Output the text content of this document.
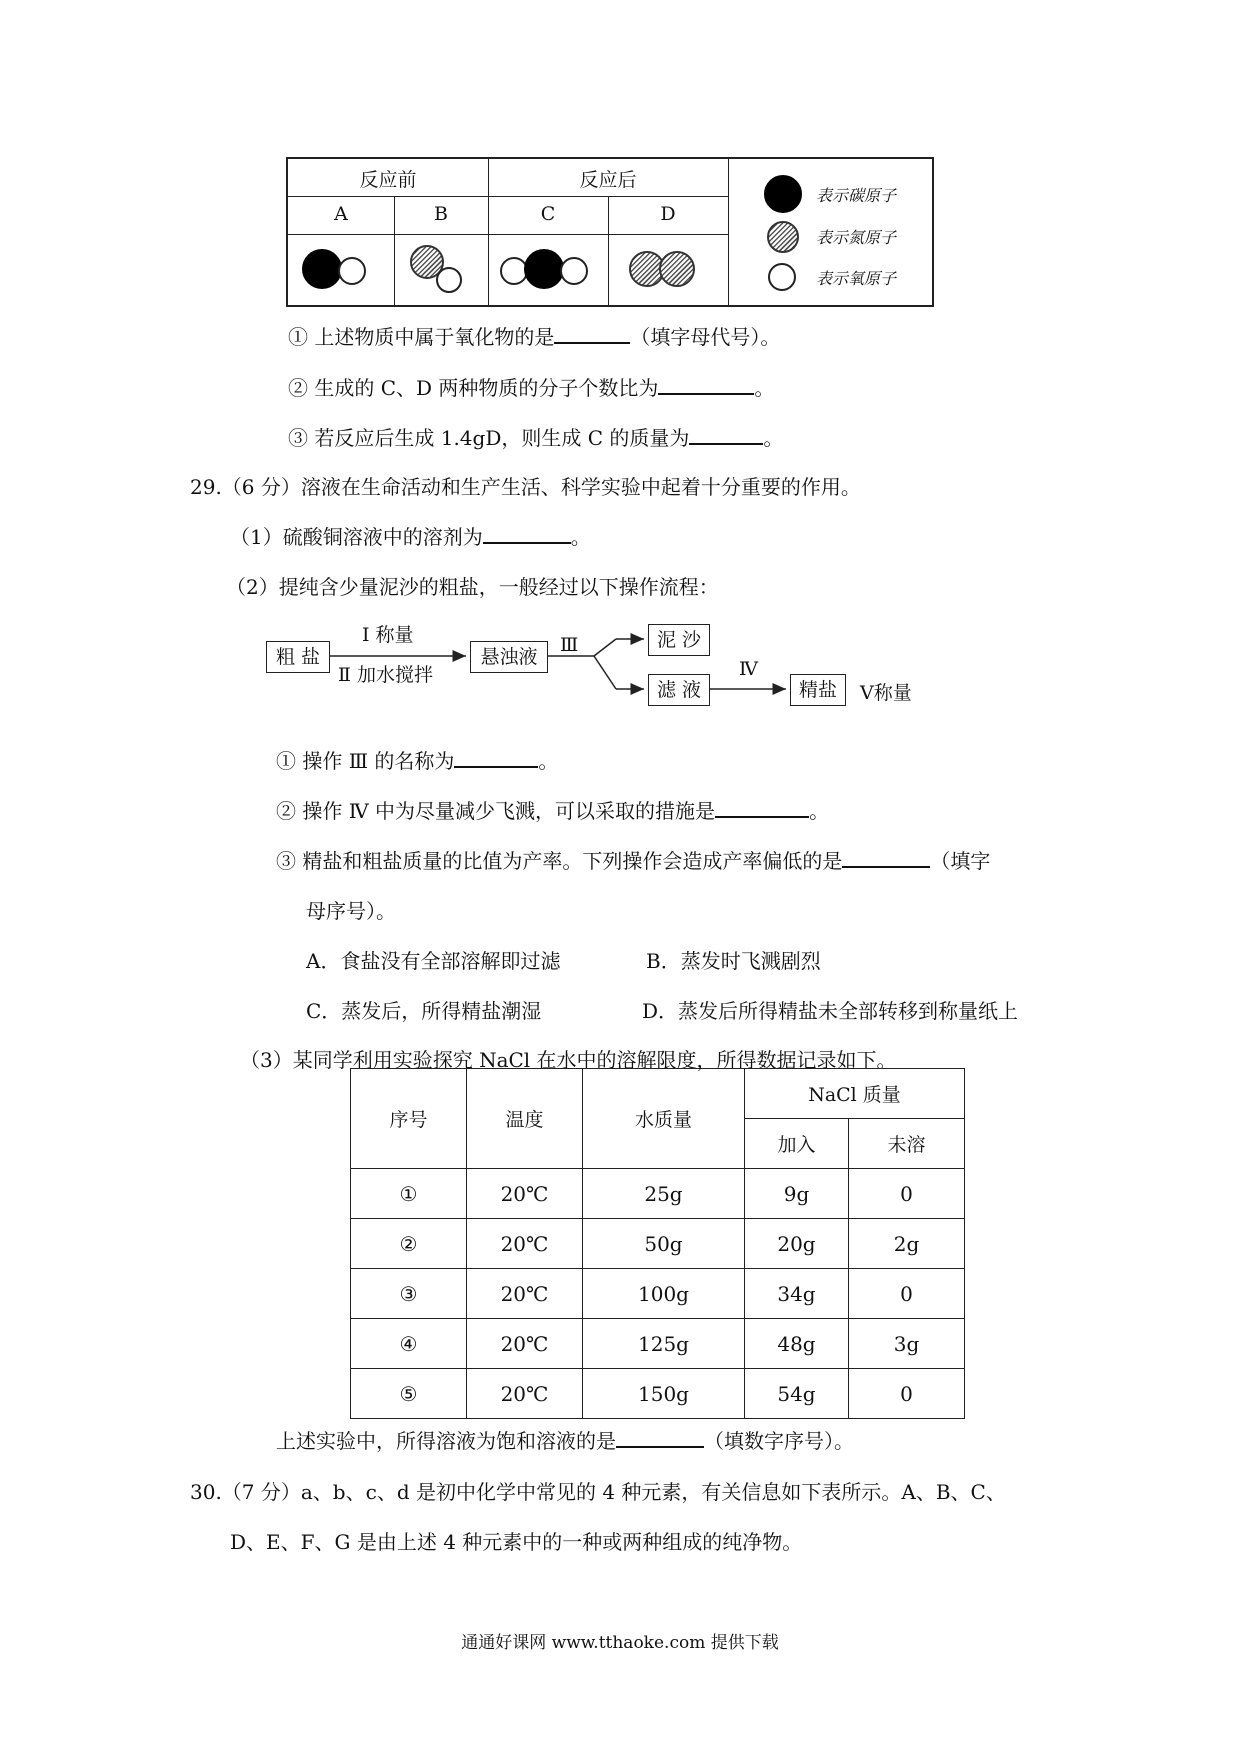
反应前	反应后
A	B	C	D
表示碳原子
表示氮原子
表示氧原子
① 上述物质中属于氧化物的是	（填字母代号）。
② 生成的 C、D 两种物质的分子个数比为	。
③ 若反应后生成 1.4gD，则生成 C 的质量为	。
29.（6 分）溶液在生命活动和生产生活、科学实验中起着十分重要的作用。
（1）硫酸铜溶液中的溶剂为	。
（2）提纯含少量泥沙的粗盐，一般经过以下操作流程：
粗 盐
Ⅰ 称量
Ⅱ 加水搅拌
悬浊液
Ⅲ	泥 沙
滤 液
Ⅳ
精盐	Ⅴ称量
① 操作 Ⅲ 的名称为	。
② 操作 Ⅳ 中为尽量减少飞溅，可以采取的措施是	。
③ 精盐和粗盐质量的比值为产率。下列操作会造成产率偏低的是	（填字
母序号）。
A．食盐没有全部溶解即过滤	B．蒸发时飞溅剧烈
C．蒸发后，所得精盐潮湿	D．蒸发后所得精盐未全部转移到称量纸上
（3）某同学利用实验探究 NaCl 在水中的溶解限度，所得数据记录如下。
序号	温度	水质量	NaCl 质量	
			加入	未溶
①	20℃	25g	9g	0
②	20℃	50g	20g	2g
③	20℃	100g	34g	0
④	20℃	125g	48g	3g
⑤	20℃	150g	54g	0
上述实验中，所得溶液为饱和溶液的是	（填数字序号）。
30.（7 分）a、b、c、d 是初中化学中常见的 4 种元素，有关信息如下表所示。A、B、C、
D、E、F、G 是由上述 4 种元素中的一种或两种组成的纯净物。
通通好课网 www.tthaoke.com 提供下载
